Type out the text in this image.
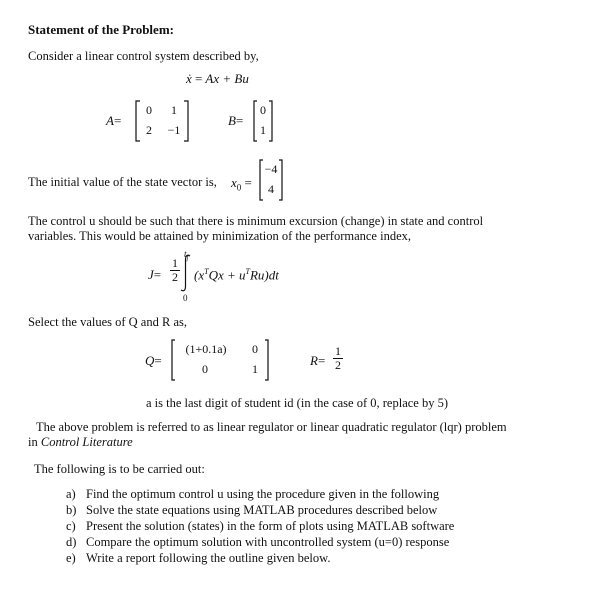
Statement of the Problem:
Consider a linear control system described by,
ẋ = Ax + Bu
A=
0	1
2	−1
B=
0
1
The initial value of the state vector is, $x_0$ =
−4
4
The control u should be such that there is minimum excursion (change) in state and control
variables. This would be attained by minimization of the performance index,
$J= \frac{1}{2}$
$t_f$
0
$(x^TQx + u^TRu)dt$
Select the values of Q and R as,
Q=
(1+0.1a)	0
0	1
$R= \frac{1}{2}$
a is the last digit of student id (in the case of 0, replace by 5)
The above problem is referred to as linear regulator or linear quadratic regulator (lqr) problem
in Control Literature
The following is to be carried out:
a) Find the optimum control u using the procedure given in the following
b) Solve the state equations using MATLAB procedures described below
c) Present the solution (states) in the form of plots using MATLAB software
d) Compare the optimum solution with uncontrolled system (u=0) response
e) Write a report following the outline given below.
